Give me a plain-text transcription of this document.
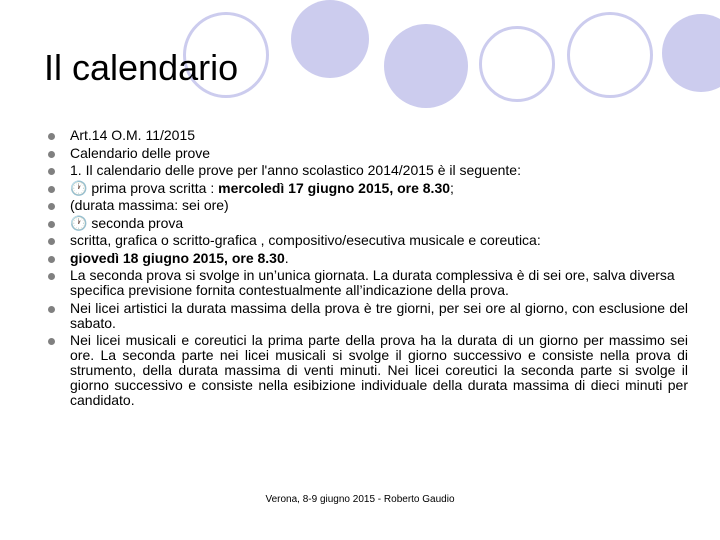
Il calendario
Art.14 O.M. 11/2015
Calendario delle prove
1. Il calendario delle prove per l'anno scolastico 2014/2015 è il seguente:
🕐 prima prova scritta : mercoledì 17 giugno 2015, ore 8.30;
(durata massima: sei ore)
🕐 seconda prova
scritta, grafica o scritto-grafica , compositivo/esecutiva musicale e coreutica:
giovedì 18 giugno 2015, ore 8.30.
La seconda prova si svolge in un’unica giornata. La durata complessiva è di sei ore, salva diversa specifica previsione fornita contestualmente all’indicazione della prova.
Nei licei artistici la durata massima della prova è tre giorni, per sei ore al giorno, con esclusione del sabato.
Nei licei musicali e coreutici la prima parte della prova ha la durata di un giorno per massimo sei ore. La seconda parte nei licei musicali si svolge il giorno successivo e consiste nella prova di strumento, della durata massima di venti minuti. Nei licei coreutici la seconda parte si svolge il giorno successivo e consiste nella esibizione individuale della durata massima di dieci minuti per candidato.
Verona, 8-9 giugno 2015 - Roberto Gaudio
